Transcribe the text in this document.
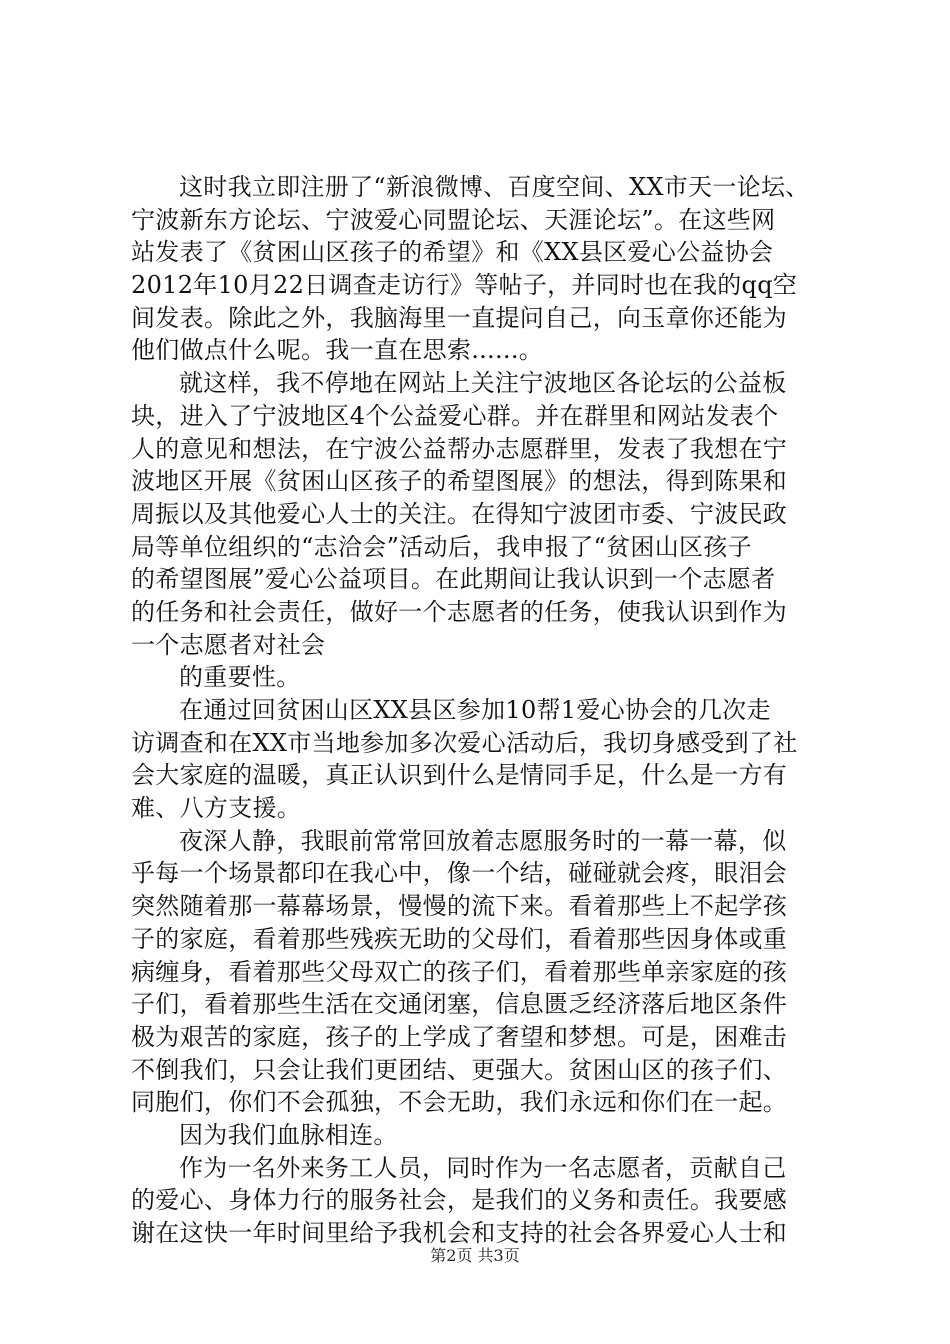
这时我立即注册了“新浪微博、百度空间、XX市天一论坛、
宁波新东方论坛、宁波爱心同盟论坛、天涯论坛”。在这些网
站发表了《贫困山区孩子的希望》和《XX县区爱心公益协会
2012年10月22日调查走访行》等帖子，并同时也在我的qq空
间发表。除此之外，我脑海里一直提问自己，向玉章你还能为
他们做点什么呢。我一直在思索......。
就这样，我不停地在网站上关注宁波地区各论坛的公益板
块，进入了宁波地区4个公益爱心群。并在群里和网站发表个
人的意见和想法，在宁波公益帮办志愿群里，发表了我想在宁
波地区开展《贫困山区孩子的希望图展》的想法，得到陈果和
周振以及其他爱心人士的关注。在得知宁波团市委、宁波民政
局等单位组织的“志洽会”活动后，我申报了“贫困山区孩子
的希望图展”爱心公益项目。在此期间让我认识到一个志愿者
的任务和社会责任，做好一个志愿者的任务，使我认识到作为
一个志愿者对社会
的重要性。
在通过回贫困山区XX县区参加10帮1爱心协会的几次走
访调查和在XX市当地参加多次爱心活动后，我切身感受到了社
会大家庭的温暖，真正认识到什么是情同手足，什么是一方有
难、八方支援。
夜深人静，我眼前常常回放着志愿服务时的一幕一幕，似
乎每一个场景都印在我心中，像一个结，碰碰就会疼，眼泪会
突然随着那一幕幕场景，慢慢的流下来。看着那些上不起学孩
子的家庭，看着那些残疾无助的父母们，看着那些因身体或重
病缠身，看着那些父母双亡的孩子们，看着那些单亲家庭的孩
子们，看着那些生活在交通闭塞，信息匮乏经济落后地区条件
极为艰苦的家庭，孩子的上学成了奢望和梦想。可是，困难击
不倒我们，只会让我们更团结、更强大。贫困山区的孩子们、
同胞们，你们不会孤独，不会无助，我们永远和你们在一起。
因为我们血脉相连。
作为一名外来务工人员，同时作为一名志愿者，贡献自己
的爱心、身体力行的服务社会，是我们的义务和责任。我要感
谢在这快一年时间里给予我机会和支持的社会各界爱心人士和
第2页 共3页
